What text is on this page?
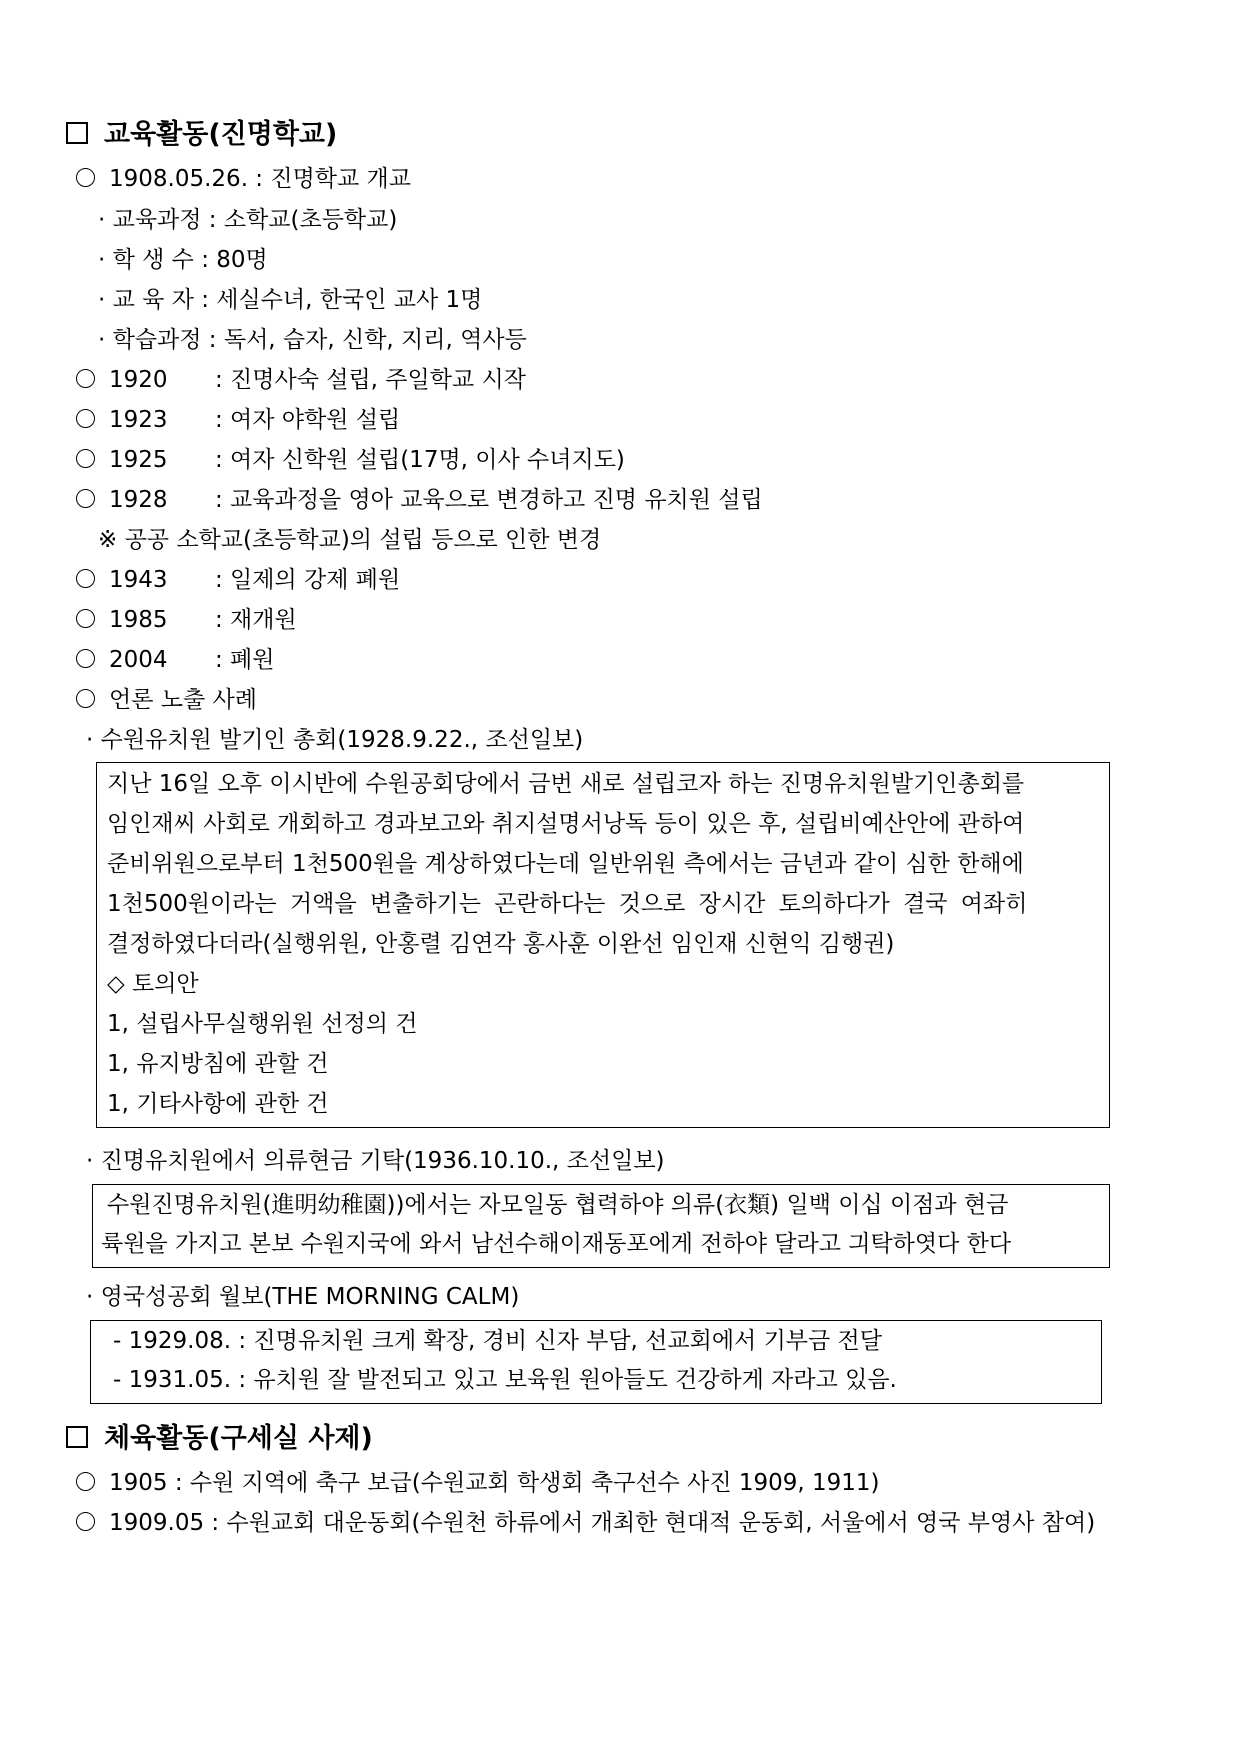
교육활동(진명학교)
1908.05.26. : 진명학교 개교
· 교육과정 : 소학교(초등학교)
· 학 생 수 : 80명
· 교 육 자 : 세실수녀, 한국인 교사 1명
· 학습과정 : 독서, 습자, 신학, 지리, 역사등
1920 : 진명사숙 설립, 주일학교 시작
1923 : 여자 야학원 설립
1925 : 여자 신학원 설립(17명, 이사 수녀지도)
1928 : 교육과정을 영아 교육으로 변경하고 진명 유치원 설립
※ 공공 소학교(초등학교)의 설립 등으로 인한 변경
1943 : 일제의 강제 폐원
1985 : 재개원
2004 : 폐원
언론 노출 사례
· 수원유치원 발기인 총회(1928.9.22., 조선일보)
지난 16일 오후 이시반에 수원공회당에서 금번 새로 설립코자 하는 진명유치원발기인총회를
임인재씨 사회로 개회하고 경과보고와 취지설명서낭독 등이 있은 후, 설립비예산안에 관하여
준비위원으로부터 1천500원을 계상하였다는데 일반위원 측에서는 금년과 같이 심한 한해에
1천500원이라는 거액을 변출하기는 곤란하다는 것으로 장시간 토의하다가 결국 여좌히
결정하였다더라(실행위원, 안홍렬 김연각 홍사훈 이완선 임인재 신현익 김행권)
◇ 토의안
1, 설립사무실행위원 선정의 건
1, 유지방침에 관할 건
1, 기타사항에 관한 건
· 진명유치원에서 의류현금 기탁(1936.10.10., 조선일보)
수원진명유치원(進明幼稚園))에서는 자모일동 협력하야 의류(衣類) 일백 이십 이점과 현금
륙원을 가지고 본보 수원지국에 와서 남선수해이재동포에게 전하야 달라고 긔탁하엿다 한다
· 영국성공회 월보(THE MORNING CALM)
- 1929.08. : 진명유치원 크게 확장, 경비 신자 부담, 선교회에서 기부금 전달
- 1931.05. : 유치원 잘 발전되고 있고 보육원 원아들도 건강하게 자라고 있음.
체육활동(구세실 사제)
1905 : 수원 지역에 축구 보급(수원교회 학생회 축구선수 사진 1909, 1911)
1909.05 : 수원교회 대운동회(수원천 하류에서 개최한 현대적 운동회, 서울에서 영국 부영사 참여)
